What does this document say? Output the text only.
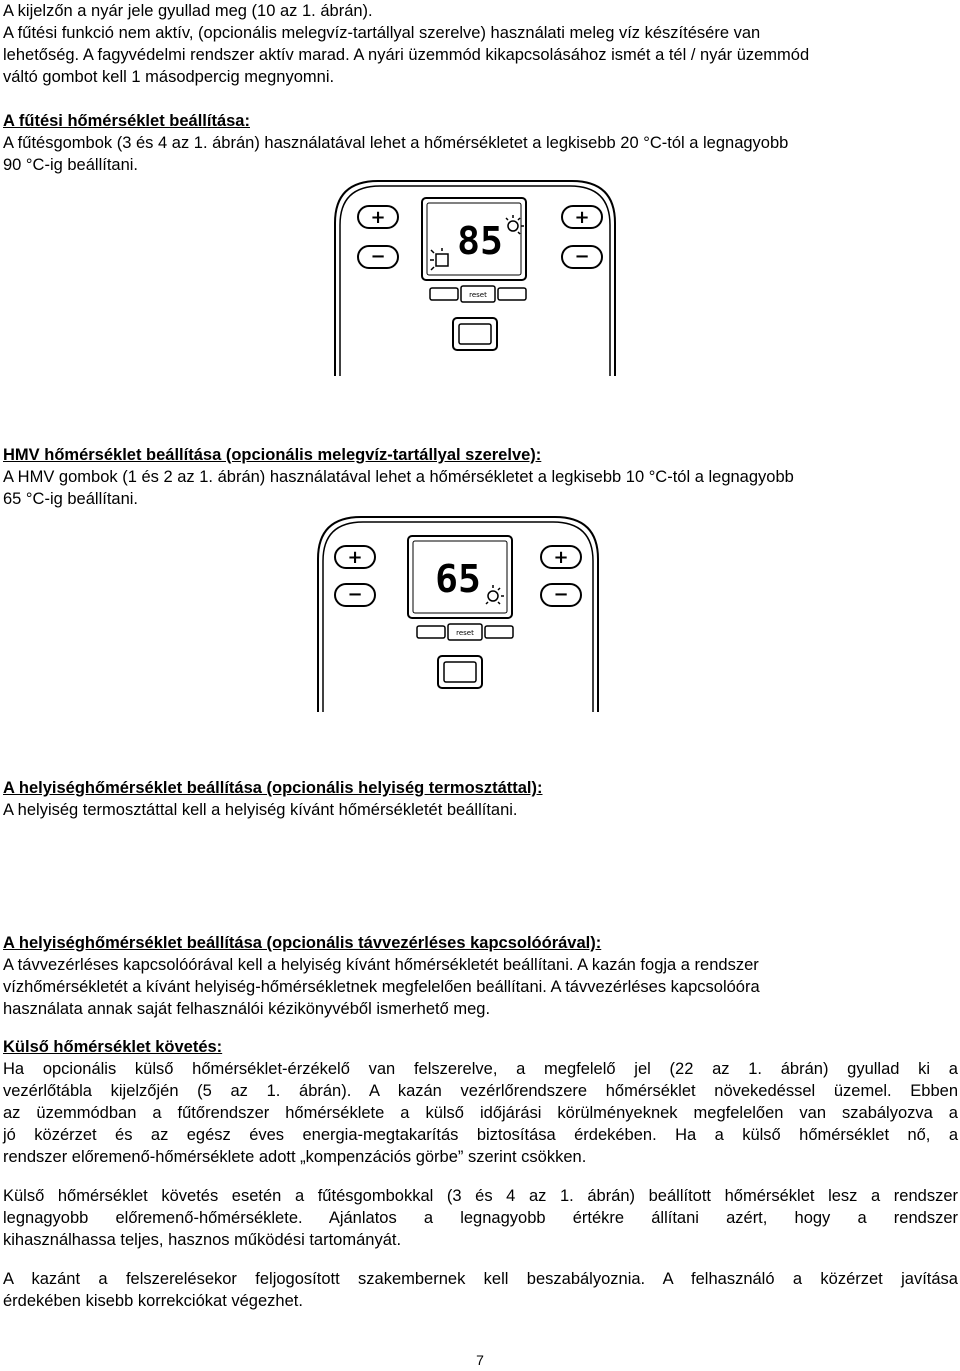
A kijelzőn a nyár jele gyullad meg (10 az 1. ábrán).
A fűtési funkció nem aktív, (opcionális melegvíz-tartállyal szerelve) használati meleg víz készítésére van
lehetőség. A fagyvédelmi rendszer aktív marad. A nyári üzemmód kikapcsolásához ismét a tél / nyár üzemmód
váltó gombot kell 1 másodpercig megnyomni.
A fűtési hőmérséklet beállítása:
A fűtésgombok (3 és 4 az 1. ábrán) használatával lehet a hőmérsékletet a legkisebb 20 °C-tól a legnagyobb
90 °C-ig beállítani.
+
−
+
−
85
reset
HMV hőmérséklet beállítása (opcionális melegvíz-tartállyal szerelve):
A HMV gombok (1 és 2 az 1. ábrán) használatával lehet a hőmérsékletet a legkisebb 10 °C-tól a legnagyobb
65 °C-ig beállítani.
+
−
+
−
65
reset
A helyiséghőmérséklet beállítása (opcionális helyiség termosztáttal):
A helyiség termosztáttal kell a helyiség kívánt hőmérsékletét beállítani.
A helyiséghőmérséklet beállítása (opcionális távvezérléses kapcsolóórával):
A távvezérléses kapcsolóórával kell a helyiség kívánt hőmérsékletét beállítani. A kazán fogja a rendszer
vízhőmérsékletét a kívánt helyiség-hőmérsékletnek megfelelően beállítani. A távvezérléses kapcsolóóra
használata annak saját felhasználói kézikönyvéből ismerhető meg.
Külső hőmérséklet követés:
Ha opcionális külső hőmérséklet-érzékelő van felszerelve, a megfelelő jel (22 az 1. ábrán) gyullad ki a
vezérlőtábla kijelzőjén (5 az 1. ábrán). A kazán vezérlőrendszere hőmérséklet növekedéssel üzemel. Ebben
az üzemmódban a fűtőrendszer hőmérséklete a külső időjárási körülményeknek megfelelően van szabályozva a
jó közérzet és az egész éves energia-megtakarítás biztosítása érdekében. Ha a külső hőmérséklet nő, a
rendszer előremenő-hőmérséklete adott „kompenzációs görbe” szerint csökken.
Külső hőmérséklet követés esetén a fűtésgombokkal (3 és 4 az 1. ábrán) beállított hőmérséklet lesz a rendszer
legnagyobb előremenő-hőmérséklete. Ajánlatos a legnagyobb értékre állítani azért, hogy a rendszer
kihasználhassa teljes, hasznos működési tartományát.
A kazánt a felszerelésekor feljogosított szakembernek kell beszabályoznia. A felhasználó a közérzet javítása
érdekében kisebb korrekciókat végezhet.
7
